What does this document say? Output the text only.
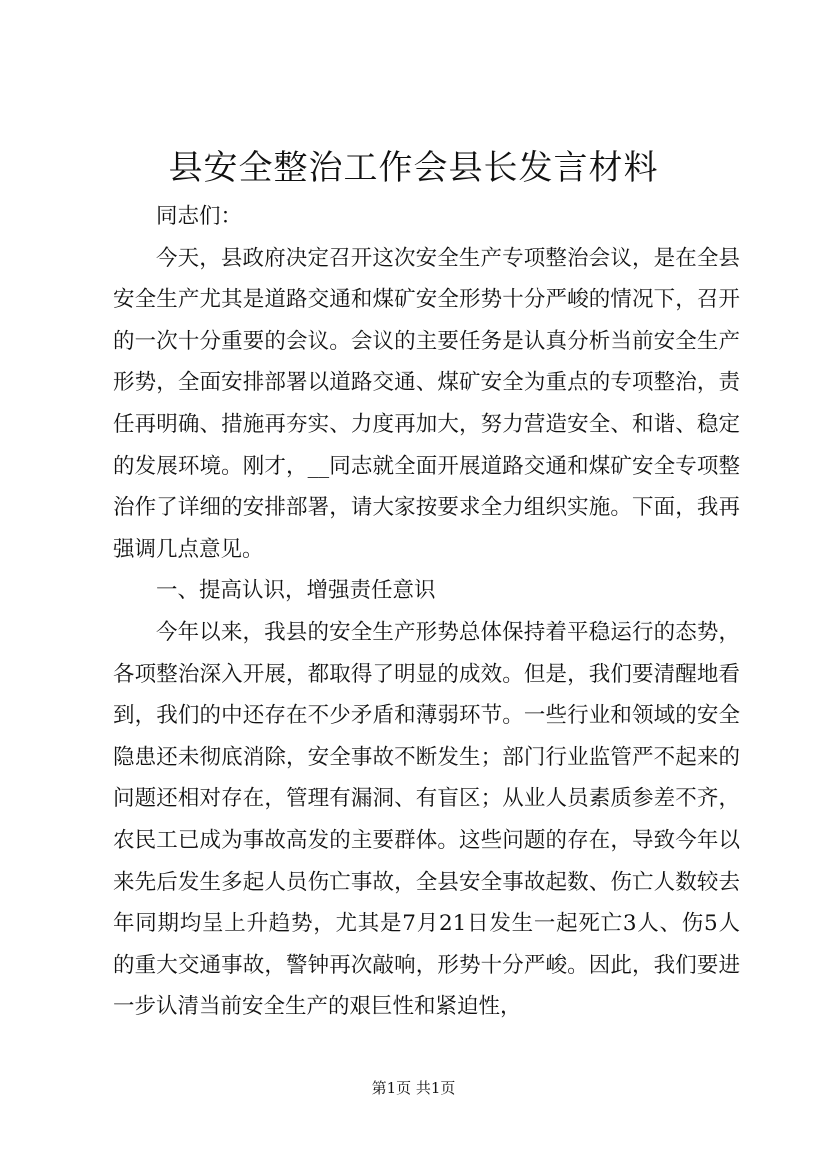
县安全整治工作会县长发言材料

同志们：

今天，县政府决定召开这次安全生产专项整治会议，是在全县安全生产尤其是道路交通和煤矿安全形势十分严峻的情况下，召开的一次十分重要的会议。会议的主要任务是认真分析当前安全生产形势，全面安排部署以道路交通、煤矿安全为重点的专项整治，责任再明确、措施再夯实、力度再加大，努力营造安全、和谐、稳定的发展环境。刚才，__同志就全面开展道路交通和煤矿安全专项整治作了详细的安排部署，请大家按要求全力组织实施。下面，我再强调几点意见。

一、提高认识，增强责任意识

今年以来，我县的安全生产形势总体保持着平稳运行的态势，各项整治深入开展，都取得了明显的成效。但是，我们要清醒地看到，我们的中还存在不少矛盾和薄弱环节。一些行业和领域的安全隐患还未彻底消除，安全事故不断发生；部门行业监管严不起来的问题还相对存在，管理有漏洞、有盲区；从业人员素质参差不齐，农民工已成为事故高发的主要群体。这些问题的存在，导致今年以来先后发生多起人员伤亡事故，全县安全事故起数、伤亡人数较去年同期均呈上升趋势，尤其是7月21日发生一起死亡3人、伤5人的重大交通事故，警钟再次敲响，形势十分严峻。因此，我们要进一步认清当前安全生产的艰巨性和紧迫性，

第1页 共1页
